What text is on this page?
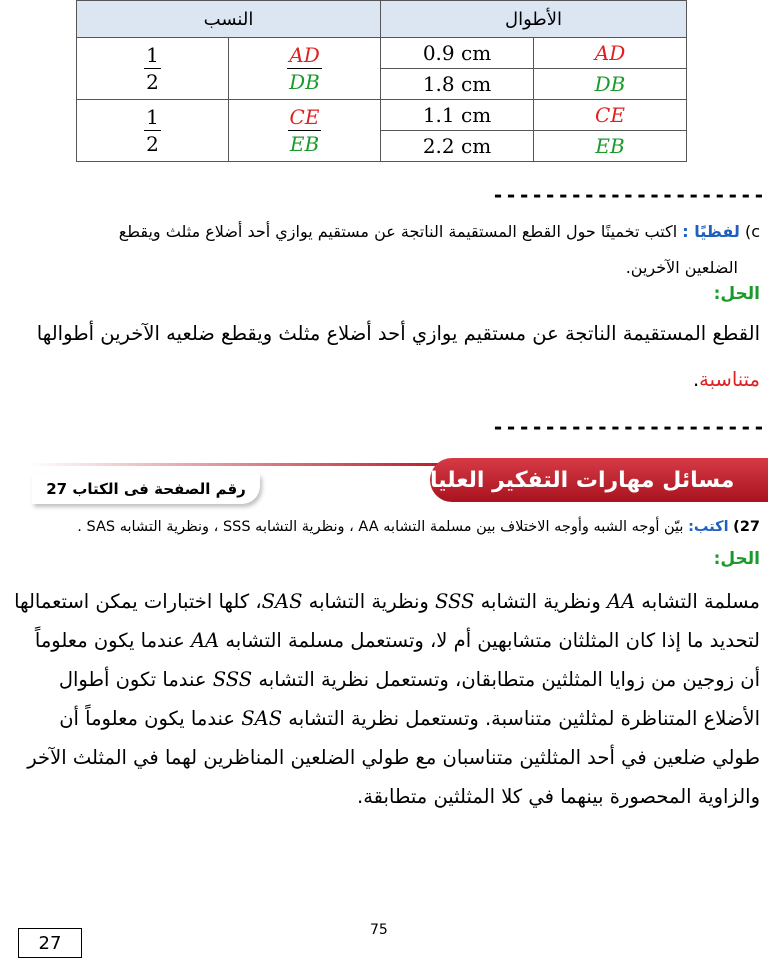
النسب		الأطوال	

$\frac{1}{2}$	$\frac{AD}{DB}$	0.9 cm	AD
		1.8 cm	DB

$\frac{1}{2}$	$\frac{CE}{EB}$	1.1 cm	CE
		2.2 cm	EB
---------------------
c) لفظيًا : اكتب تخمينًا حول القطع المستقيمة الناتجة عن مستقيم يوازي أحد أضلاع مثلث ويقطع
الضلعين الآخرين.
الحل:
القطع المستقيمة الناتجة عن مستقيم يوازي أحد أضلاع مثلث ويقطع ضلعيه الآخرين أطوالها
متناسبة.
---------------------
مسائل مهارات التفكير العليا
رقم الصفحة فى الكتاب

27
27) اكتب: بيّن أوجه الشبه وأوجه الاختلاف بين مسلمة التشابه AA ، ونظرية التشابه SSS ، ونظرية التشابه SAS .
الحل:
مسلمة التشابه AA ونظرية التشابه SSS ونظرية التشابه SAS، كلها اختبارات يمكن استعمالها
لتحديد ما إذا كان المثلثان متشابهين أم لا، وتستعمل مسلمة التشابه AA عندما يكون معلوماً
أن زوجين من زوايا المثلثين متطابقان، وتستعمل نظرية التشابه SSS عندما تكون أطوال
الأضلاع المتناظرة لمثلثين متناسبة. وتستعمل نظرية التشابه SAS عندما يكون معلوماً أن
طولي ضلعين في أحد المثلثين متناسبان مع طولي الضلعين المناظرين لهما في المثلث الآخر
والزاوية المحصورة بينهما في كلا المثلثين متطابقة.
75
27
